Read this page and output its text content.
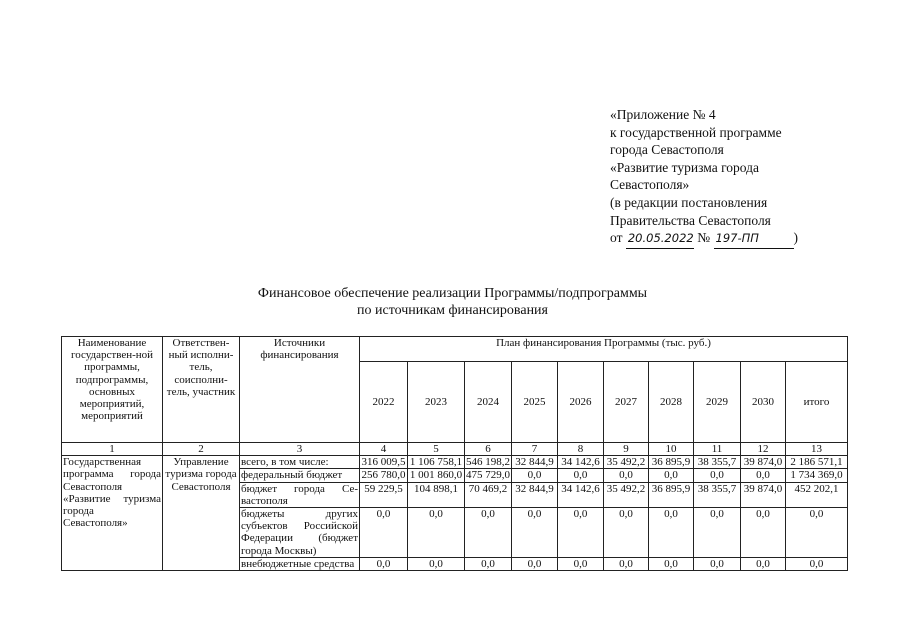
«Приложение № 4
к государственной программе
города Севастополя
«Развитие туризма города
Севастополя»
(в редакции постановления
Правительства Севастополя
от 20.05.2022 № 197-ПП	)
Финансовое обеспечение реализации Программы/подпрограммы
по источникам финансирования
Наименование государствен-ной программы, подпрограммы, основных мероприятий, мероприятий	Ответствен-ный исполни-тель, соисполни-тель, участник	Источники финансирования	План финансирования Программы (тыс. руб.)									
			2022	2023	2024	2025	2026	2027	2028	2029	2030	итого
1	2	3	4	5	6	7	8	9	10	11	12	13
Государственная программа города Севастополя «Развитие туризма города Севастополя»	Управление туризма города Севастополя	всего, в том числе:	316 009,5	1 106 758,1	546 198,2	32 844,9	34 142,6	35 492,2	36 895,9	38 355,7	39 874,0	2 186 571,1
		федеральный бюджет	256 780,0	1 001 860,0	475 729,0	0,0	0,0	0,0	0,0	0,0	0,0	1 734 369,0
		бюджет города Се-вастополя	59 229,5	104 898,1	70 469,2	32 844,9	34 142,6	35 492,2	36 895,9	38 355,7	39 874,0	452 202,1
		бюджеты других субъектов Российской Федерации (бюджет города Москвы)	0,0	0,0	0,0	0,0	0,0	0,0	0,0	0,0	0,0	0,0
		внебюджетные средства	0,0	0,0	0,0	0,0	0,0	0,0	0,0	0,0	0,0	0,0
